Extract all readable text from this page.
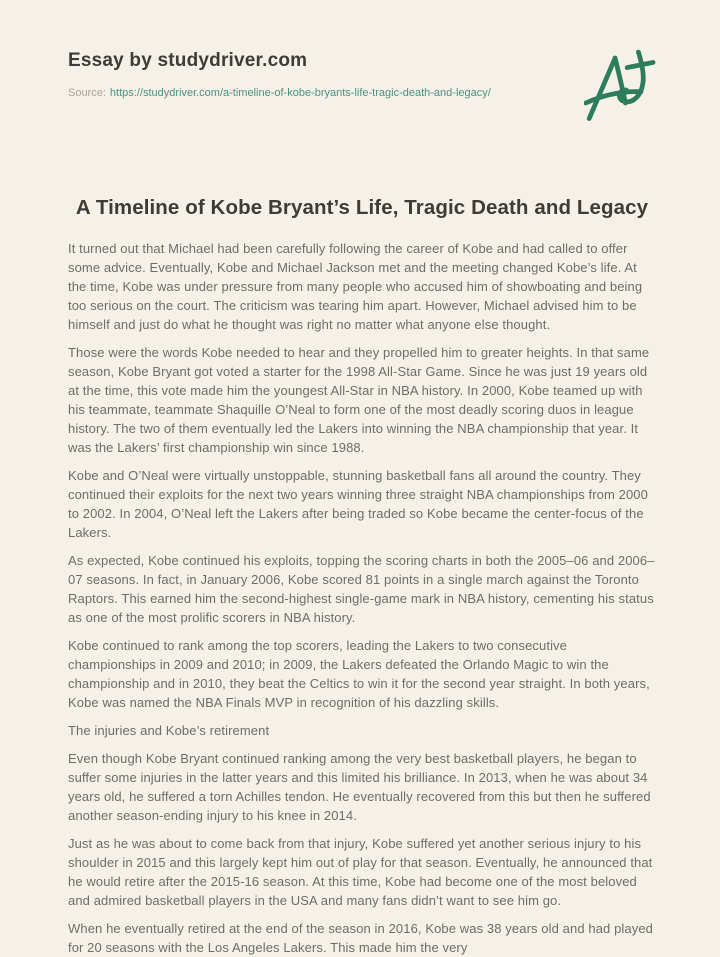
Essay by studydriver.com
Source: https://studydriver.com/a-timeline-of-kobe-bryants-life-tragic-death-and-legacy/
A Timeline of Kobe Bryant’s Life, Tragic Death and Legacy

It turned out that Michael had been carefully following the career of Kobe and had called to offer some advice. Eventually, Kobe and Michael Jackson met and the meeting changed Kobe’s life. At the time, Kobe was under pressure from many people who accused him of showboating and being too serious on the court. The criticism was tearing him apart. However, Michael advised him to be himself and just do what he thought was right no matter what anyone else thought.

Those were the words Kobe needed to hear and they propelled him to greater heights. In that same season, Kobe Bryant got voted a starter for the 1998 All-Star Game. Since he was just 19 years old at the time, this vote made him the youngest All-Star in NBA history. In 2000, Kobe teamed up with his teammate, teammate Shaquille O’Neal to form one of the most deadly scoring duos in league history. The two of them eventually led the Lakers into winning the NBA championship that year. It was the Lakers’ first championship win since 1988.

Kobe and O’Neal were virtually unstoppable, stunning basketball fans all around the country. They continued their exploits for the next two years winning three straight NBA championships from 2000 to 2002. In 2004, O’Neal left the Lakers after being traded so Kobe became the center-focus of the Lakers.

As expected, Kobe continued his exploits, topping the scoring charts in both the 2005–06 and 2006–07 seasons. In fact, in January 2006, Kobe scored 81 points in a single march against the Toronto Raptors. This earned him the second-highest single-game mark in NBA history, cementing his status as one of the most prolific scorers in NBA history.

Kobe continued to rank among the top scorers, leading the Lakers to two consecutive championships in 2009 and 2010; in 2009, the Lakers defeated the Orlando Magic to win the championship and in 2010, they beat the Celtics to win it for the second year straight. In both years, Kobe was named the NBA Finals MVP in recognition of his dazzling skills.

The injuries and Kobe’s retirement

Even though Kobe Bryant continued ranking among the very best basketball players, he began to suffer some injuries in the latter years and this limited his brilliance. In 2013, when he was about 34 years old, he suffered a torn Achilles tendon. He eventually recovered from this but then he suffered another season-ending injury to his knee in 2014.

Just as he was about to come back from that injury, Kobe suffered yet another serious injury to his shoulder in 2015 and this largely kept him out of play for that season. Eventually, he announced that he would retire after the 2015-16 season. At this time, Kobe had become one of the most beloved and admired basketball players in the USA and many fans didn’t want to see him go.

When he eventually retired at the end of the season in 2016, Kobe was 38 years old and had played for 20 seasons with the Los Angeles Lakers. This made him the very
